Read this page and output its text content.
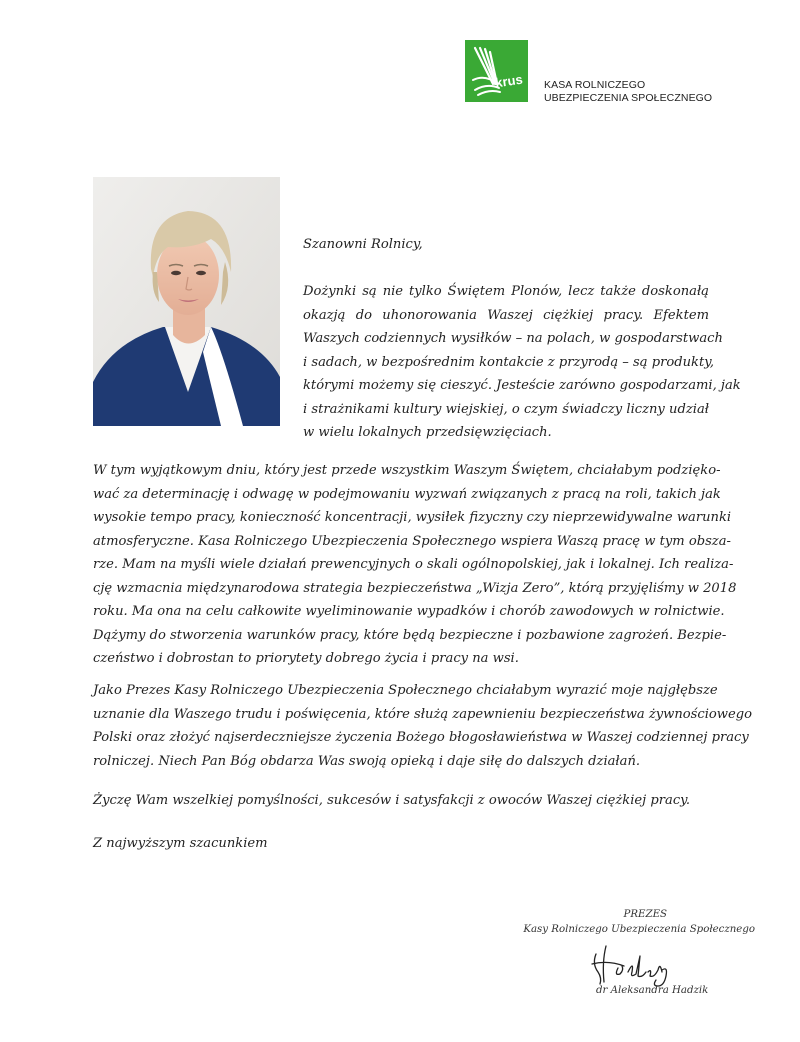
krus KASA ROLNICZEGO
UBEZPIECZENIA SPOŁECZNEGO
Szanowni Rolnicy,
Dożynki są nie tylko Świętem Plonów, lecz także doskonałą
okazją do uhonorowania Waszej ciężkiej pracy. Efektem
Waszych codziennych wysiłków – na polach, w gospodarstwach
i sadach, w bezpośrednim kontakcie z przyrodą – są produkty,
którymi możemy się cieszyć. Jesteście zarówno gospodarzami, jak
i strażnikami kultury wiejskiej, o czym świadczy liczny udział
w wielu lokalnych przedsięwzięciach.
W tym wyjątkowym dniu, który jest przede wszystkim Waszym Świętem, chciałabym podzięko-
wać za determinację i odwagę w podejmowaniu wyzwań związanych z pracą na roli, takich jak
wysokie tempo pracy, konieczność koncentracji, wysiłek fizyczny czy nieprzewidywalne warunki
atmosferyczne. Kasa Rolniczego Ubezpieczenia Społecznego wspiera Waszą pracę w tym obsza-
rze. Mam na myśli wiele działań prewencyjnych o skali ogólnopolskiej, jak i lokalnej. Ich realiza-
cję wzmacnia międzynarodowa strategia bezpieczeństwa „Wizja Zero”, którą przyjęliśmy w 2018
roku. Ma ona na celu całkowite wyeliminowanie wypadków i chorób zawodowych w rolnictwie.
Dążymy do stworzenia warunków pracy, które będą bezpieczne i pozbawione zagrożeń. Bezpie-
czeństwo i dobrostan to priorytety dobrego życia i pracy na wsi.
Jako Prezes Kasy Rolniczego Ubezpieczenia Społecznego chciałabym wyrazić moje najgłębsze
uznanie dla Waszego trudu i poświęcenia, które służą zapewnieniu bezpieczeństwa żywnościowego
Polski oraz złożyć najserdeczniejsze życzenia Bożego błogosławieństwa w Waszej codziennej pracy
rolniczej. Niech Pan Bóg obdarza Was swoją opieką i daje siłę do dalszych działań.
Życzę Wam wszelkiej pomyślności, sukcesów i satysfakcji z owoców Waszej ciężkiej pracy.
Z najwyższym szacunkiem
PREZES
Kasy Rolniczego Ubezpieczenia Społecznego
dr Aleksandra Hadzik
